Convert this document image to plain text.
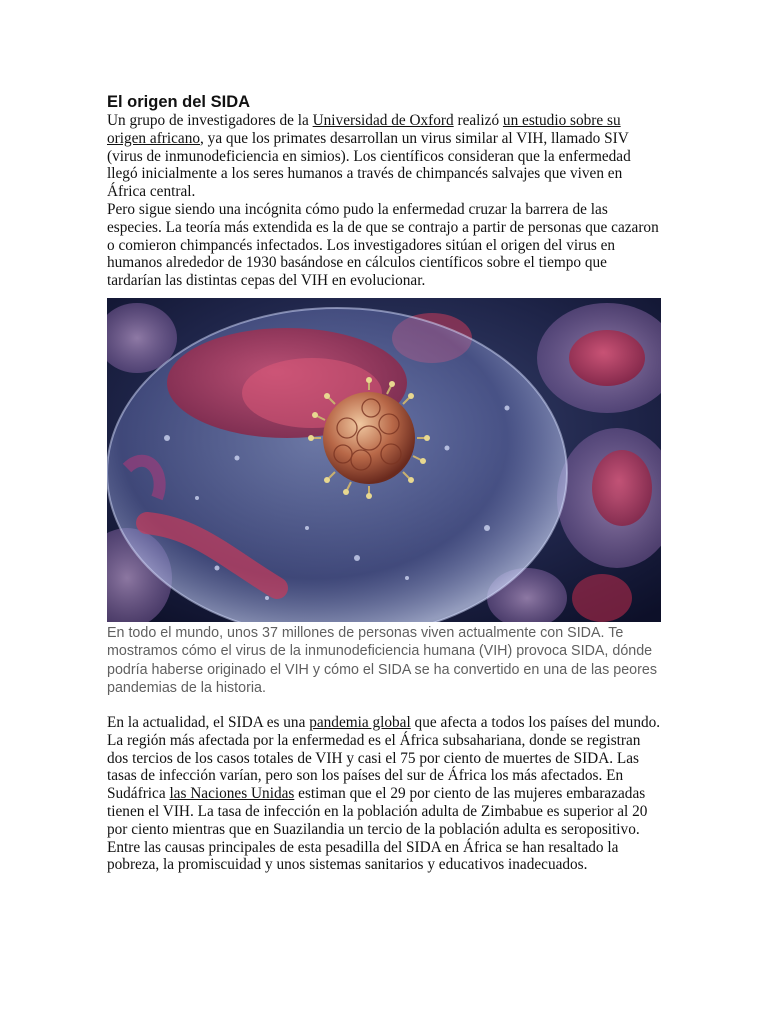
El origen del SIDA

Un grupo de investigadores de la Universidad de Oxford realizó un estudio sobre su origen africano, ya que los primates desarrollan un virus similar al VIH, llamado SIV (virus de inmunodeficiencia en simios). Los científicos consideran que la enfermedad llegó inicialmente a los seres humanos a través de chimpancés salvajes que viven en África central.

Pero sigue siendo una incógnita cómo pudo la enfermedad cruzar la barrera de las especies. La teoría más extendida es la de que se contrajo a partir de personas que cazaron o comieron chimpancés infectados. Los investigadores sitúan el origen del virus en humanos alrededor de 1930 basándose en cálculos científicos sobre el tiempo que tardarían las distintas cepas del VIH en evolucionar.

En todo el mundo, unos 37 millones de personas viven actualmente con SIDA. Te mostramos cómo el virus de la inmunodeficiencia humana (VIH) provoca SIDA, dónde podría haberse originado el VIH y cómo el SIDA se ha convertido en una de las peores pandemias de la historia.

En la actualidad, el SIDA es una pandemia global que afecta a todos los países del mundo. La región más afectada por la enfermedad es el África subsahariana, donde se registran dos tercios de los casos totales de VIH y casi el 75 por ciento de muertes de SIDA. Las tasas de infección varían, pero son los países del sur de África los más afectados. En Sudáfrica las Naciones Unidas estiman que el 29 por ciento de las mujeres embarazadas tienen el VIH. La tasa de infección en la población adulta de Zimbabue es superior al 20 por ciento mientras que en Suazilandia un tercio de la población adulta es seropositivo. Entre las causas principales de esta pesadilla del SIDA en África se han resaltado la pobreza, la promiscuidad y unos sistemas sanitarios y educativos inadecuados.
